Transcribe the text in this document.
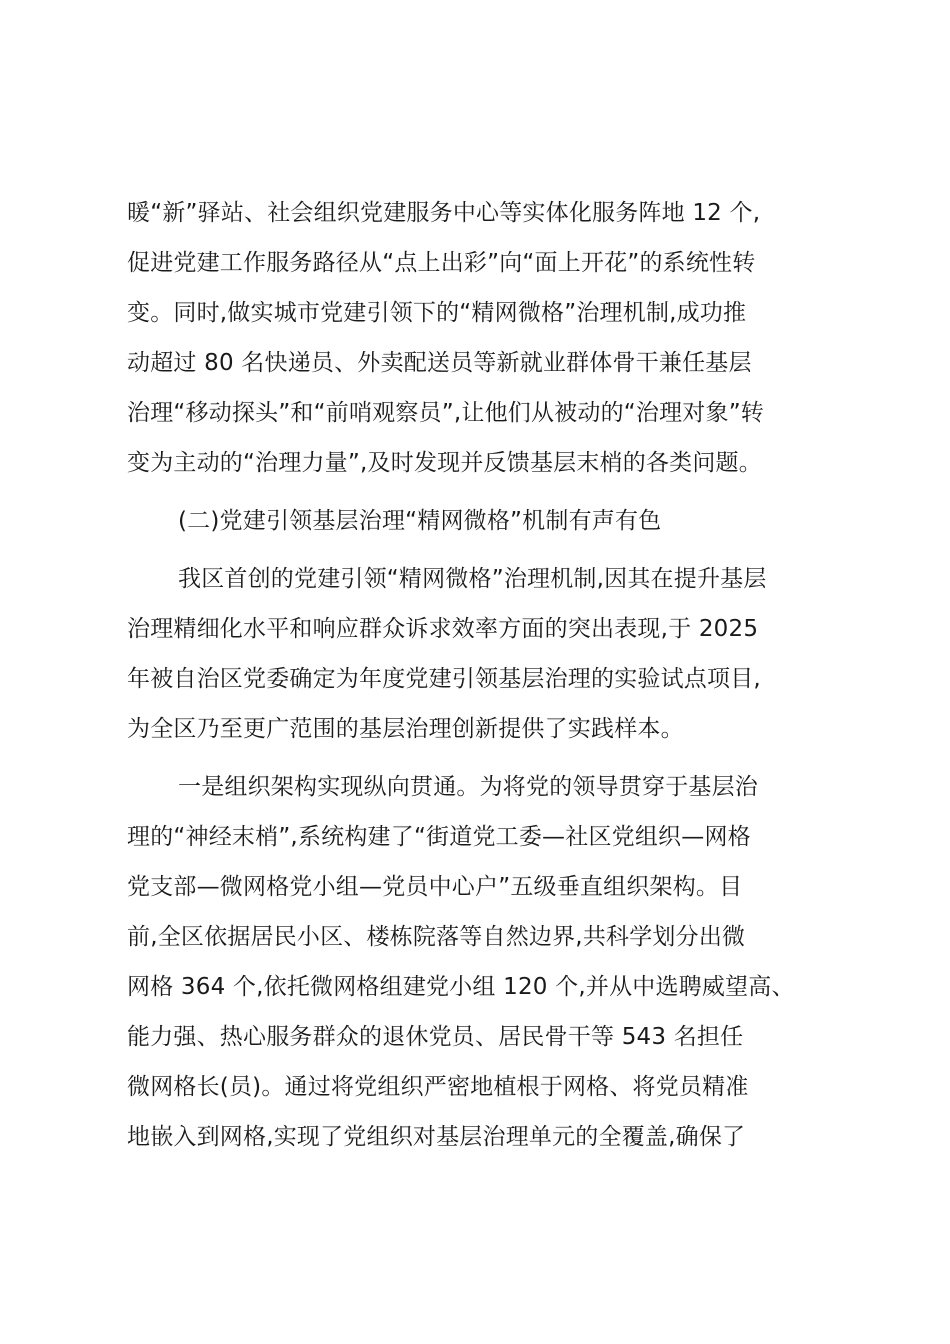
暖“新”驿站、社会组织党建服务中心等实体化服务阵地 12 个,
促进党建工作服务路径从“点上出彩”向“面上开花”的系统性转
变。同时,做实城市党建引领下的“精网微格”治理机制,成功推
动超过 80 名快递员、外卖配送员等新就业群体骨干兼任基层
治理“移动探头”和“前哨观察员”,让他们从被动的“治理对象”转
变为主动的“治理力量”,及时发现并反馈基层末梢的各类问题。
(二)党建引领基层治理“精网微格”机制有声有色
我区首创的党建引领“精网微格”治理机制,因其在提升基层
治理精细化水平和响应群众诉求效率方面的突出表现,于 2025
年被自治区党委确定为年度党建引领基层治理的实验试点项目,
为全区乃至更广范围的基层治理创新提供了实践样本。
一是组织架构实现纵向贯通。为将党的领导贯穿于基层治
理的“神经末梢”,系统构建了“街道党工委—社区党组织—网格
党支部—微网格党小组—党员中心户”五级垂直组织架构。目
前,全区依据居民小区、楼栋院落等自然边界,共科学划分出微
网格 364 个,依托微网格组建党小组 120 个,并从中选聘威望高、
能力强、热心服务群众的退休党员、居民骨干等 543 名担任
微网格长(员)。通过将党组织严密地植根于网格、将党员精准
地嵌入到网格,实现了党组织对基层治理单元的全覆盖,确保了
